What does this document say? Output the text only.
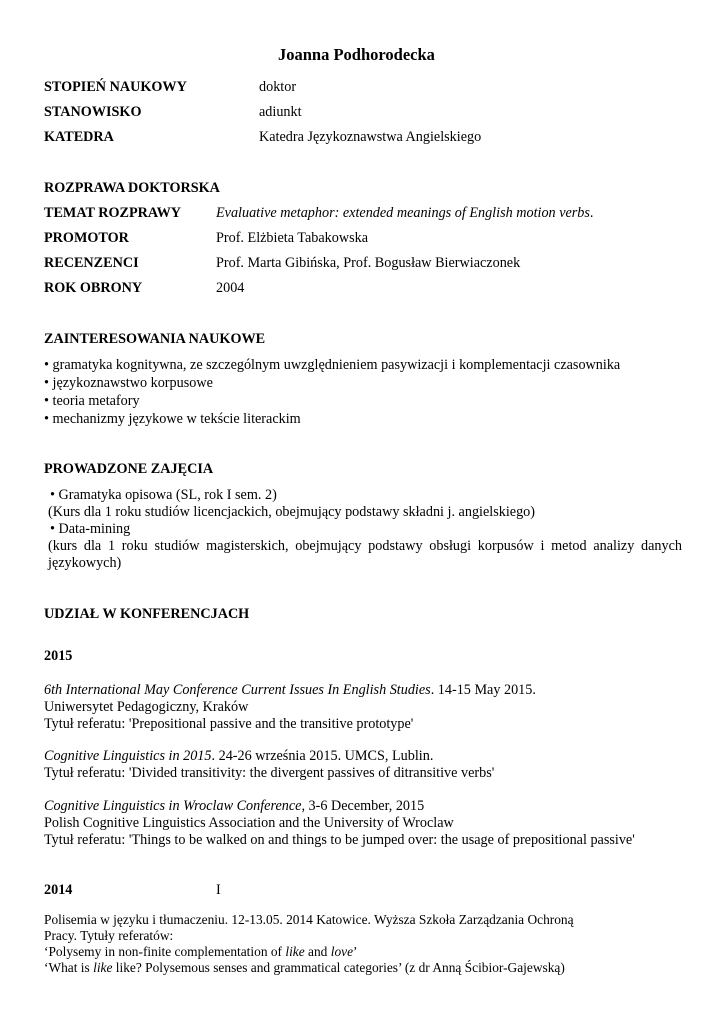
Joanna Podhorodecka
STOPIEŃ NAUKOWY	doktor
STANOWISKO	adiunkt
KATEDRA	Katedra Językoznawstwa Angielskiego
ROZPRAWA DOKTORSKA
TEMAT ROZPRAWY Evaluative metaphor: extended meanings of English motion verbs.
PROMOTOR	Prof. Elżbieta Tabakowska
RECENZENCI	Prof. Marta Gibińska, Prof. Bogusław Bierwiaczonek
ROK OBRONY	2004
ZAINTERESOWANIA NAUKOWE
• gramatyka kognitywna, ze szczególnym uwzględnieniem pasywizacji i komplementacji czasownika
• językoznawstwo korpusowe
• teoria metafory
• mechanizmy językowe w tekście literackim
PROWADZONE ZAJĘCIA
• Gramatyka opisowa (SL, rok I sem. 2)
(Kurs dla 1 roku studiów licencjackich, obejmujący podstawy składni j. angielskiego)
• Data-mining
(kurs dla 1 roku studiów magisterskich, obejmujący podstawy obsługi korpusów i metod analizy danych
językowych)
UDZIAŁ W KONFERENCJACH
2015
6th International May Conference Current Issues In English Studies. 14-15 May 2015.
Uniwersytet Pedagogiczny, Kraków
Tytuł referatu: 'Prepositional passive and the transitive prototype'
Cognitive Linguistics in 2015. 24-26 września 2015. UMCS, Lublin.
Tytuł referatu: 'Divided transitivity: the divergent passives of ditransitive verbs'
Cognitive Linguistics in Wroclaw Conference, 3-6 December, 2015
Polish Cognitive Linguistics Association and the University of Wroclaw
Tytuł referatu: 'Things to be walked on and things to be jumped over: the usage of prepositional passive'
2014	I
Polisemia w języku i tłumaczeniu. 12-13.05. 2014 Katowice. Wyższa Szkoła Zarządzania Ochroną
Pracy. Tytuły referatów:
‘Polysemy in non-finite complementation of like and love’
‘What is like like? Polysemous senses and grammatical categories’ (z dr Anną Ścibior-Gajewską)
